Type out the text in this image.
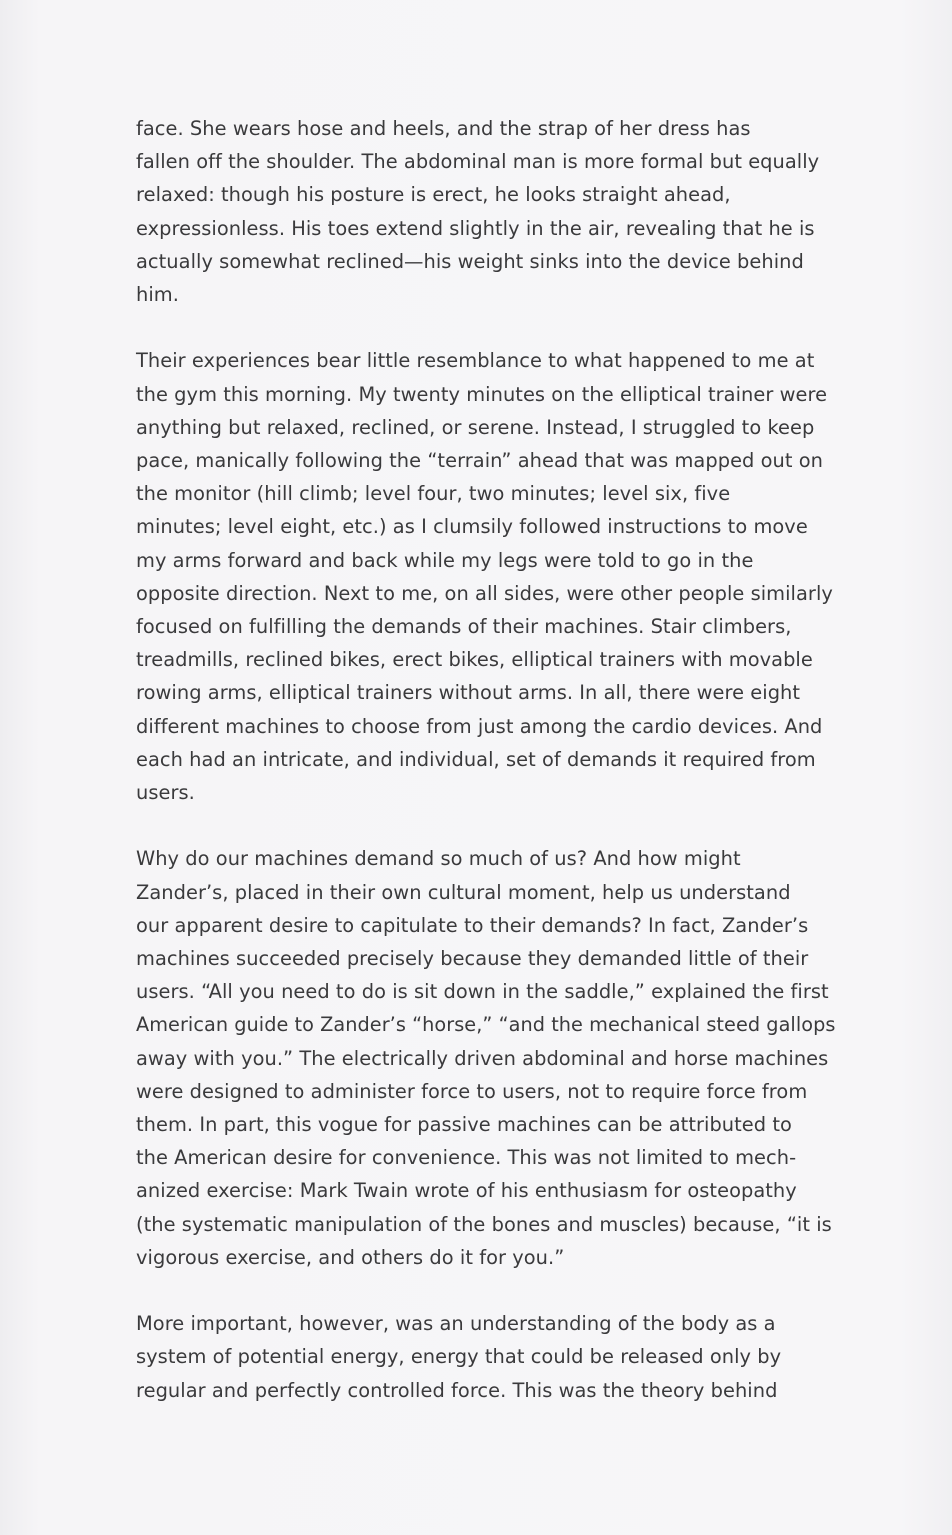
face. She wears hose and heels, and the strap of her dress has
fallen off the shoulder. The abdominal man is more formal but equally
relaxed: though his posture is erect, he looks straight ahead,
expressionless. His toes extend slightly in the air, revealing that he is
actually somewhat reclined—his weight sinks into the device behind
him.

Their experiences bear little resemblance to what happened to me at
the gym this morning. My twenty minutes on the elliptical trainer were
anything but relaxed, reclined, or serene. Instead, I struggled to keep
pace, manically following the “terrain” ahead that was mapped out on
the monitor (hill climb; level four, two minutes; level six, five
minutes; level eight, etc.) as I clumsily followed instructions to move
my arms forward and back while my legs were told to go in the
opposite direction. Next to me, on all sides, were other people similarly
focused on fulfilling the demands of their machines. Stair climbers,
treadmills, reclined bikes, erect bikes, elliptical trainers with movable
rowing arms, elliptical trainers without arms. In all, there were eight
different machines to choose from just among the cardio devices. And
each had an intricate, and individual, set of demands it required from
users.

Why do our machines demand so much of us? And how might
Zander’s, placed in their own cultural moment, help us understand
our apparent desire to capitulate to their demands? In fact, Zander’s
machines succeeded precisely because they demanded little of their
users. “All you need to do is sit down in the saddle,” explained the first
American guide to Zander’s “horse,” “and the mechanical steed gallops
away with you.” The electrically driven abdominal and horse machines
were designed to administer force to users, not to require force from
them. In part, this vogue for passive machines can be attributed to
the American desire for convenience. This was not limited to mech-
anized exercise: Mark Twain wrote of his enthusiasm for osteopathy
(the systematic manipulation of the bones and muscles) because, “it is
vigorous exercise, and others do it for you.”

More important, however, was an understanding of the body as a
system of potential energy, energy that could be released only by
regular and perfectly controlled force. This was the theory behind
